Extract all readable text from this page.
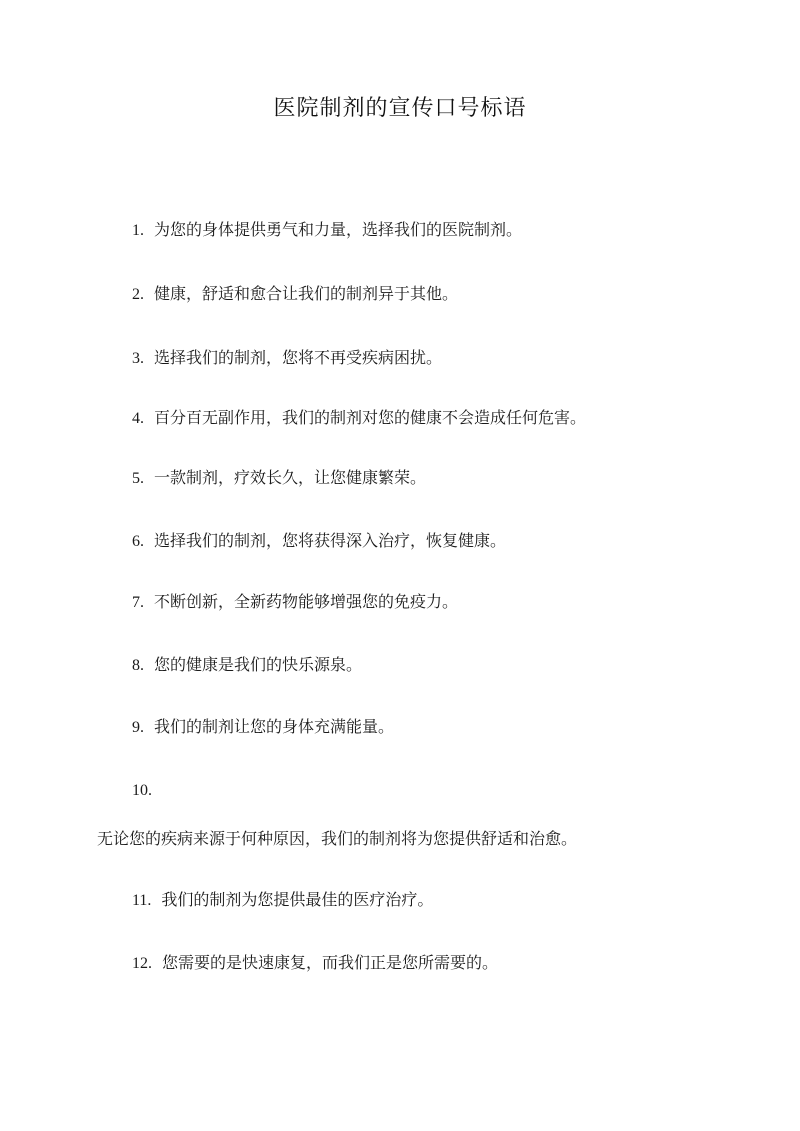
医院制剂的宣传口号标语
1. 为您的身体提供勇气和力量，选择我们的医院制剂。
2. 健康，舒适和愈合让我们的制剂异于其他。
3. 选择我们的制剂，您将不再受疾病困扰。
4. 百分百无副作用，我们的制剂对您的健康不会造成任何危害。
5. 一款制剂，疗效长久，让您健康繁荣。
6. 选择我们的制剂，您将获得深入治疗，恢复健康。
7. 不断创新，全新药物能够增强您的免疫力。
8. 您的健康是我们的快乐源泉。
9. 我们的制剂让您的身体充满能量。
10.
无论您的疾病来源于何种原因，我们的制剂将为您提供舒适和治愈。
11. 我们的制剂为您提供最佳的医疗治疗。
12. 您需要的是快速康复，而我们正是您所需要的。
